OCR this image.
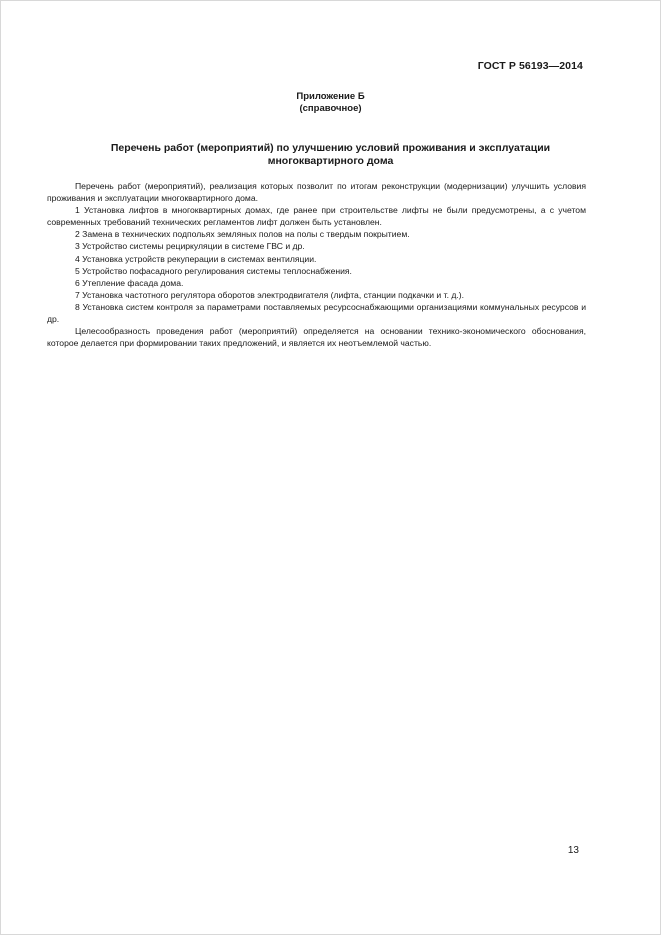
ГОСТ Р 56193—2014
Приложение Б
(справочное)
Перечень работ (мероприятий) по улучшению условий проживания и эксплуатации
многоквартирного дома

Перечень работ (мероприятий), реализация которых позволит по итогам реконструкции (модернизации) улучшить условия проживания и эксплуатации многоквартирного дома.

1 Установка лифтов в многоквартирных домах, где ранее при строительстве лифты не были предусмотрены, а с учетом современных требований технических регламентов лифт должен быть установлен.

2 Замена в технических подпольях земляных полов на полы с твердым покрытием.

3 Устройство системы рециркуляции в системе ГВС и др.

4 Установка устройств рекуперации в системах вентиляции.

5 Устройство пофасадного регулирования системы теплоснабжения.

6 Утепление фасада дома.

7 Установка частотного регулятора оборотов электродвигателя (лифта, станции подкачки и т. д.).

8 Установка систем контроля за параметрами поставляемых ресурсоснабжающими организациями коммунальных ресурсов и др.

Целесообразность проведения работ (мероприятий) определяется на основании технико-экономического обоснования, которое делается при формировании таких предложений, и является их неотъемлемой частью.

13
